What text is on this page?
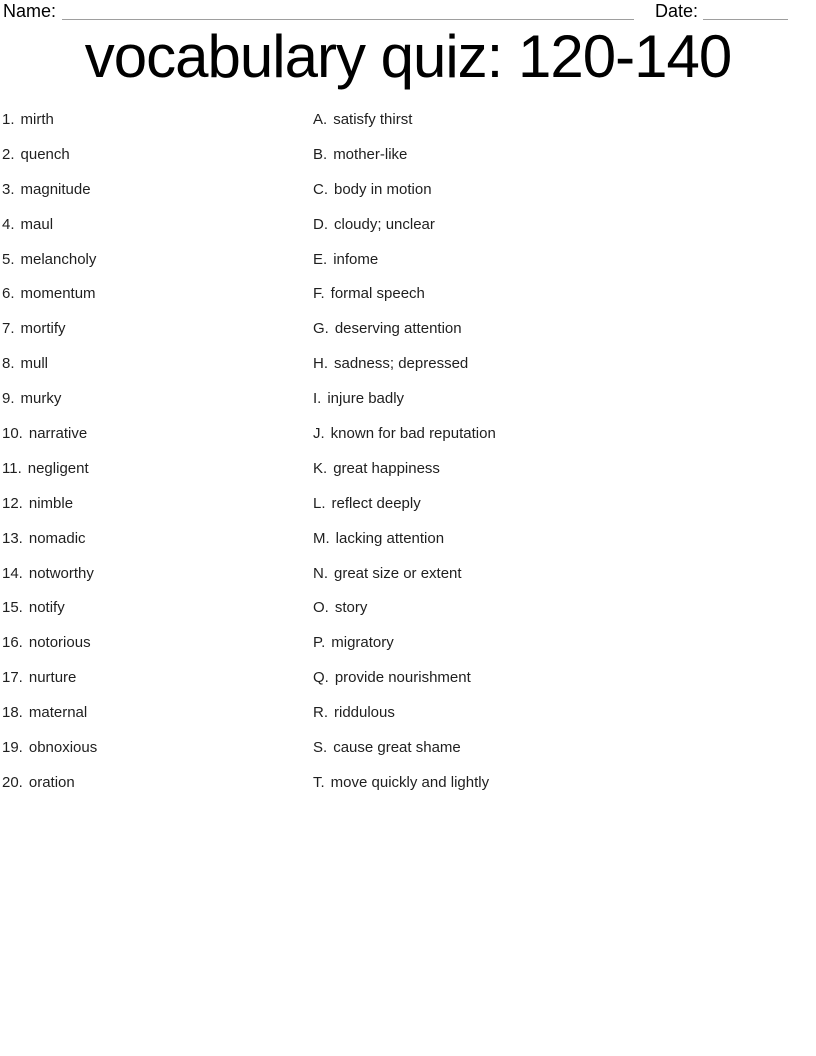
Name:	Date:
vocabulary quiz: 120-140
1. mirth	A. satisfy thirst
2. quench	B. mother-like
3. magnitude	C. body in motion
4. maul	D. cloudy; unclear
5. melancholy	E. infome
6. momentum	F. formal speech
7. mortify	G. deserving attention
8. mull	H. sadness; depressed
9. murky	I. injure badly
10. narrative	J. known for bad reputation
11. negligent	K. great happiness
12. nimble	L. reflect deeply
13. nomadic	M. lacking attention
14. notworthy	N. great size or extent
15. notify	O. story
16. notorious	P. migratory
17. nurture	Q. provide nourishment
18. maternal	R. riddulous
19. obnoxious	S. cause great shame
20. oration	T. move quickly and lightly
